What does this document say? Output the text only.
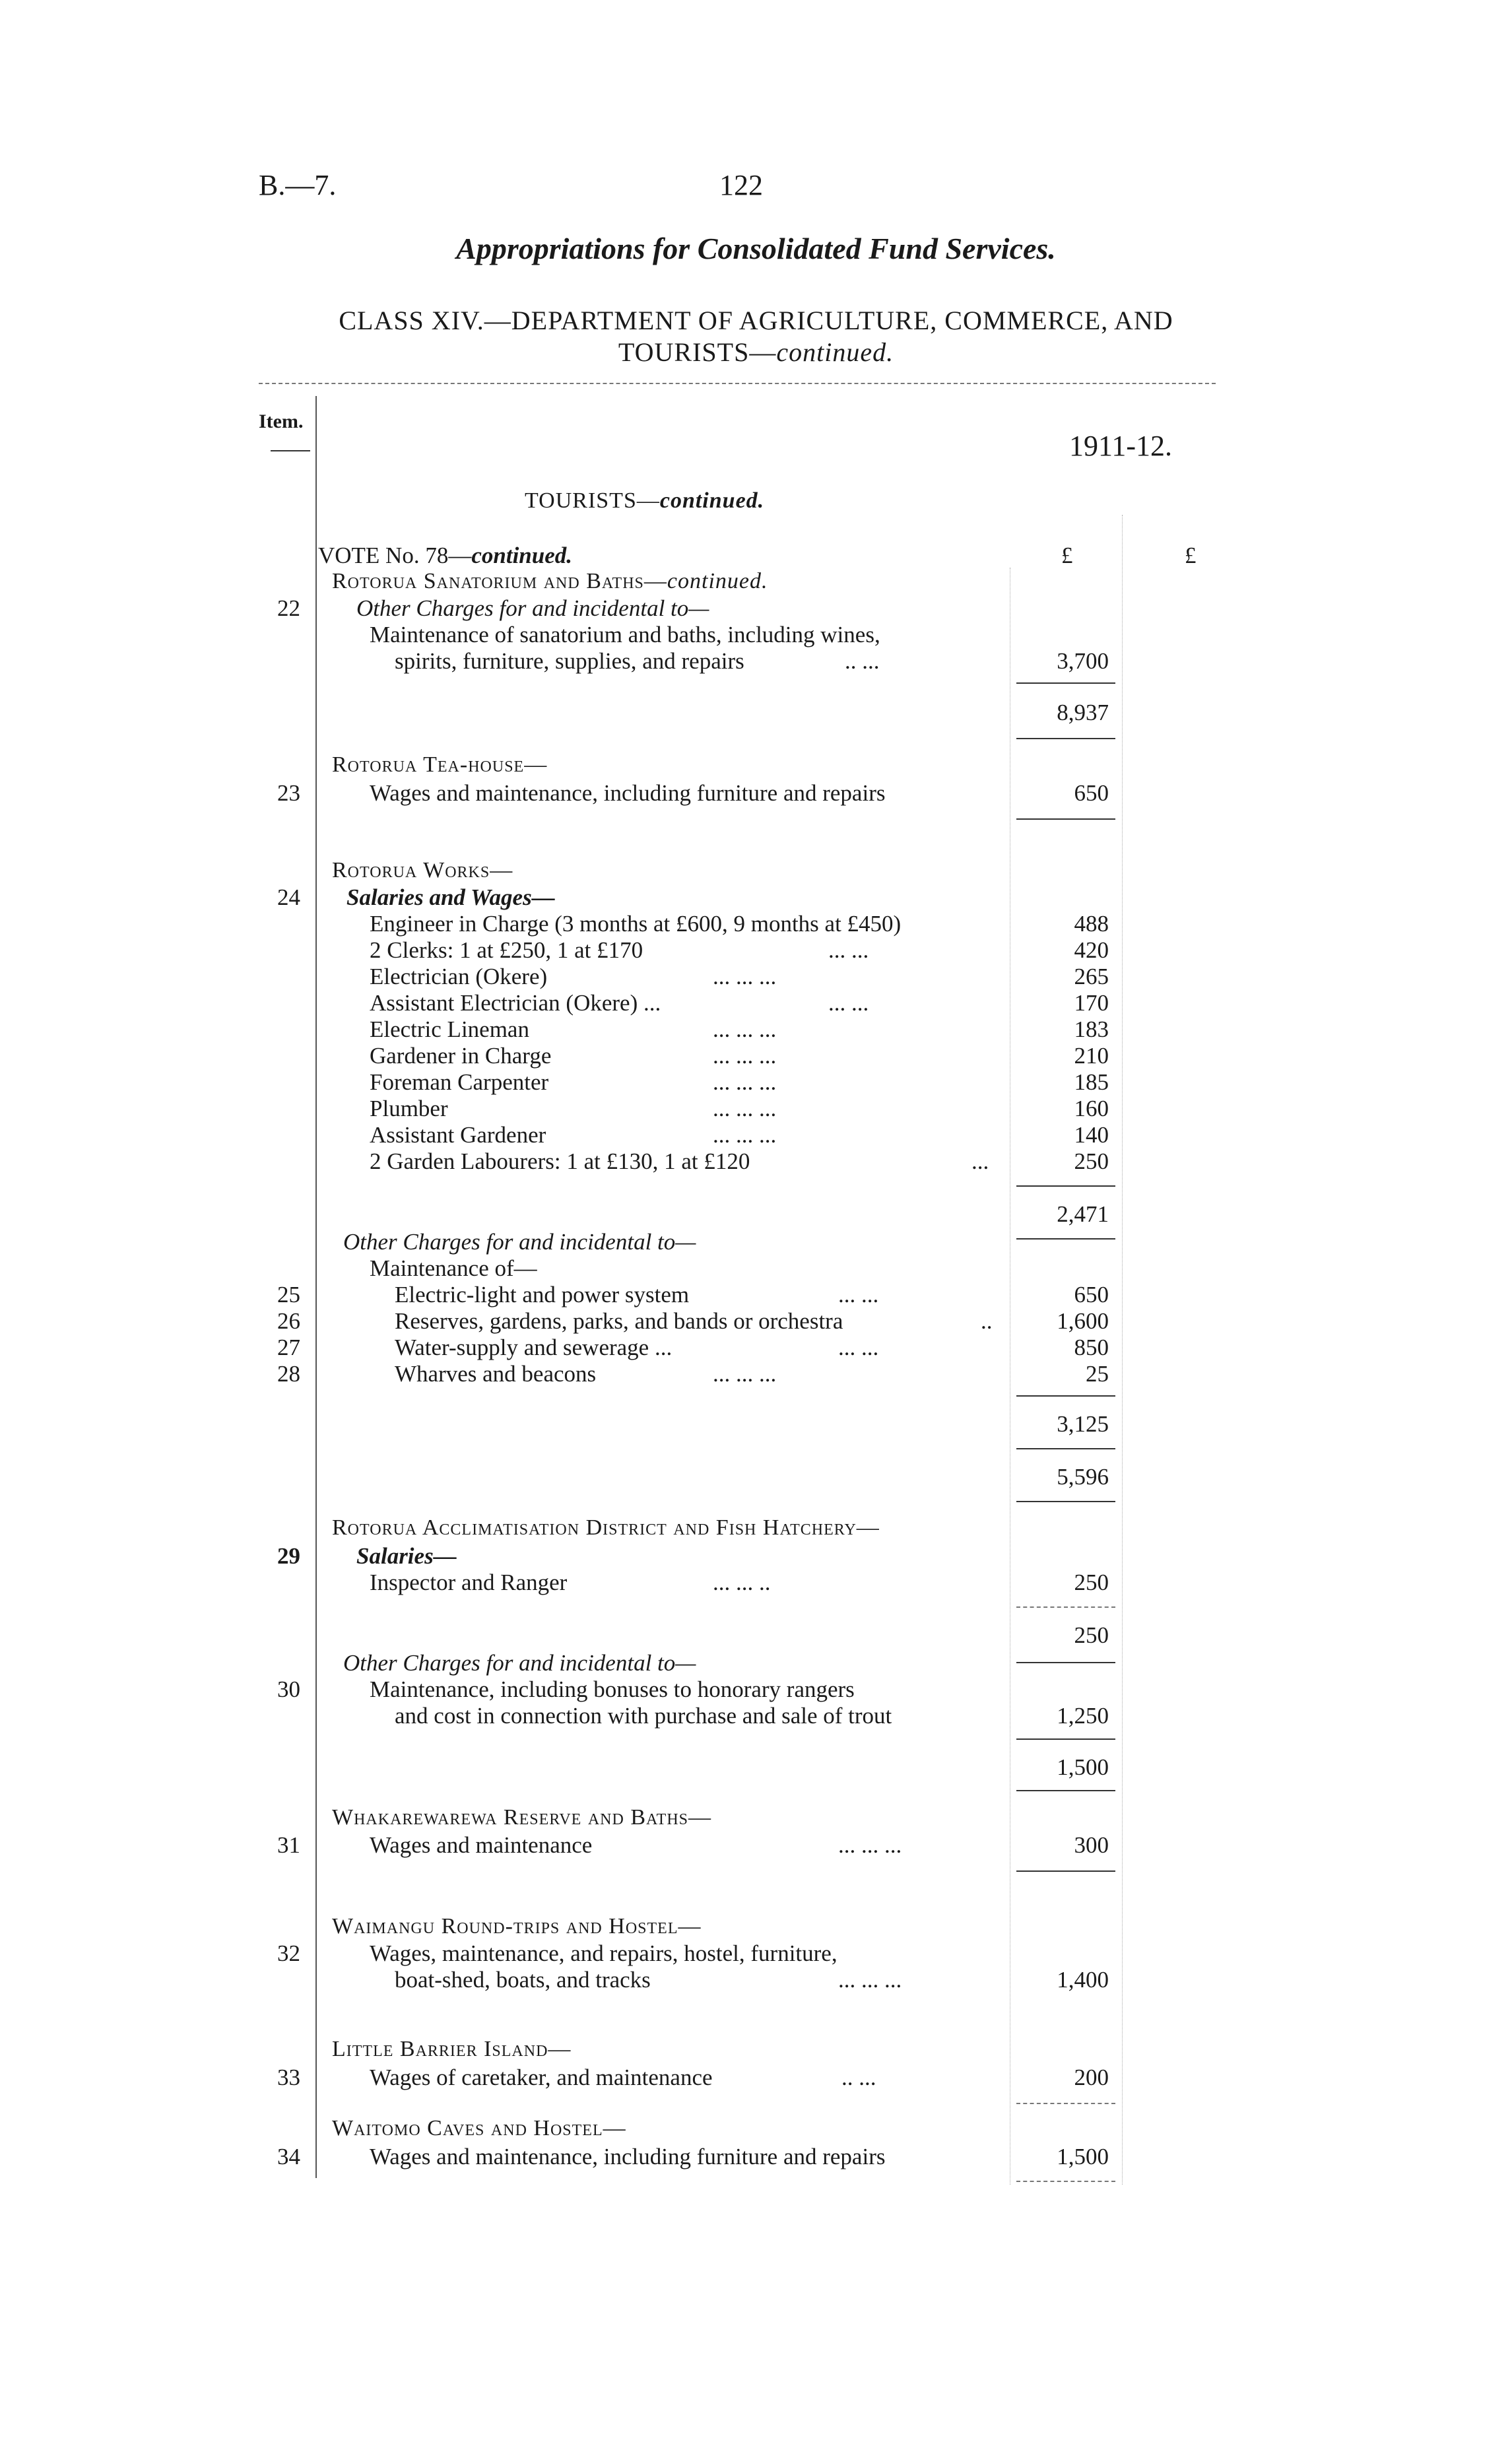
B.—7.	122
Appropriations for Consolidated Fund Services.
CLASS XIV.—DEPARTMENT OF AGRICULTURE, COMMERCE, AND
TOURISTS—continued.
Item.
1911-12.
TOURISTS—continued.
VOTE No. 78—continued.	£	£
Rotorua Sanatorium and Baths—continued.
22 Other Charges for and incidental to—
Maintenance of sanatorium and baths, including wines,
spirits, furniture, supplies, and repairs	.. ...	3,700
8,937
Rotorua Tea-house—
23	Wages and maintenance, including furniture and repairs	650
Rotorua Works—
24 Salaries and Wages—
Engineer in Charge (3 months at £600, 9 months at £450)	488
2 Clerks: 1 at £250, 1 at £170	... ...	420
Electrician (Okere)	... ... ...	265
Assistant Electrician (Okere) ...	... ...	170
Electric Lineman	... ... ...	183
Gardener in Charge	... ... ...	210
Foreman Carpenter	... ... ...	185
Plumber	... ... ...	160
Assistant Gardener	... ... ...	140
2 Garden Labourers: 1 at £130, 1 at £120	...	250
2,471
Other Charges for and incidental to—
Maintenance of—
25	Electric-light and power system	... ...	650
26	Reserves, gardens, parks, and bands or orchestra	..	1,600
27	Water-supply and sewerage ...	... ...	850
28	Wharves and beacons	... ... ...	25
3,125
5,596
Rotorua Acclimatisation District and Fish Hatchery—
29 Salaries—
Inspector and Ranger	... ... ..	250
250
Other Charges for and incidental to—
30	Maintenance, including bonuses to honorary rangers
and cost in connection with purchase and sale of trout	1,250
1,500
Whakarewarewa Reserve and Baths—
31	Wages and maintenance	... ... ...	300
Waimangu Round-trips and Hostel—
32	Wages, maintenance, and repairs, hostel, furniture,
boat-shed, boats, and tracks	... ... ...	1,400
Little Barrier Island—
33	Wages of caretaker, and maintenance	.. ...	200
Waitomo Caves and Hostel—
34	Wages and maintenance, including furniture and repairs	1,500
